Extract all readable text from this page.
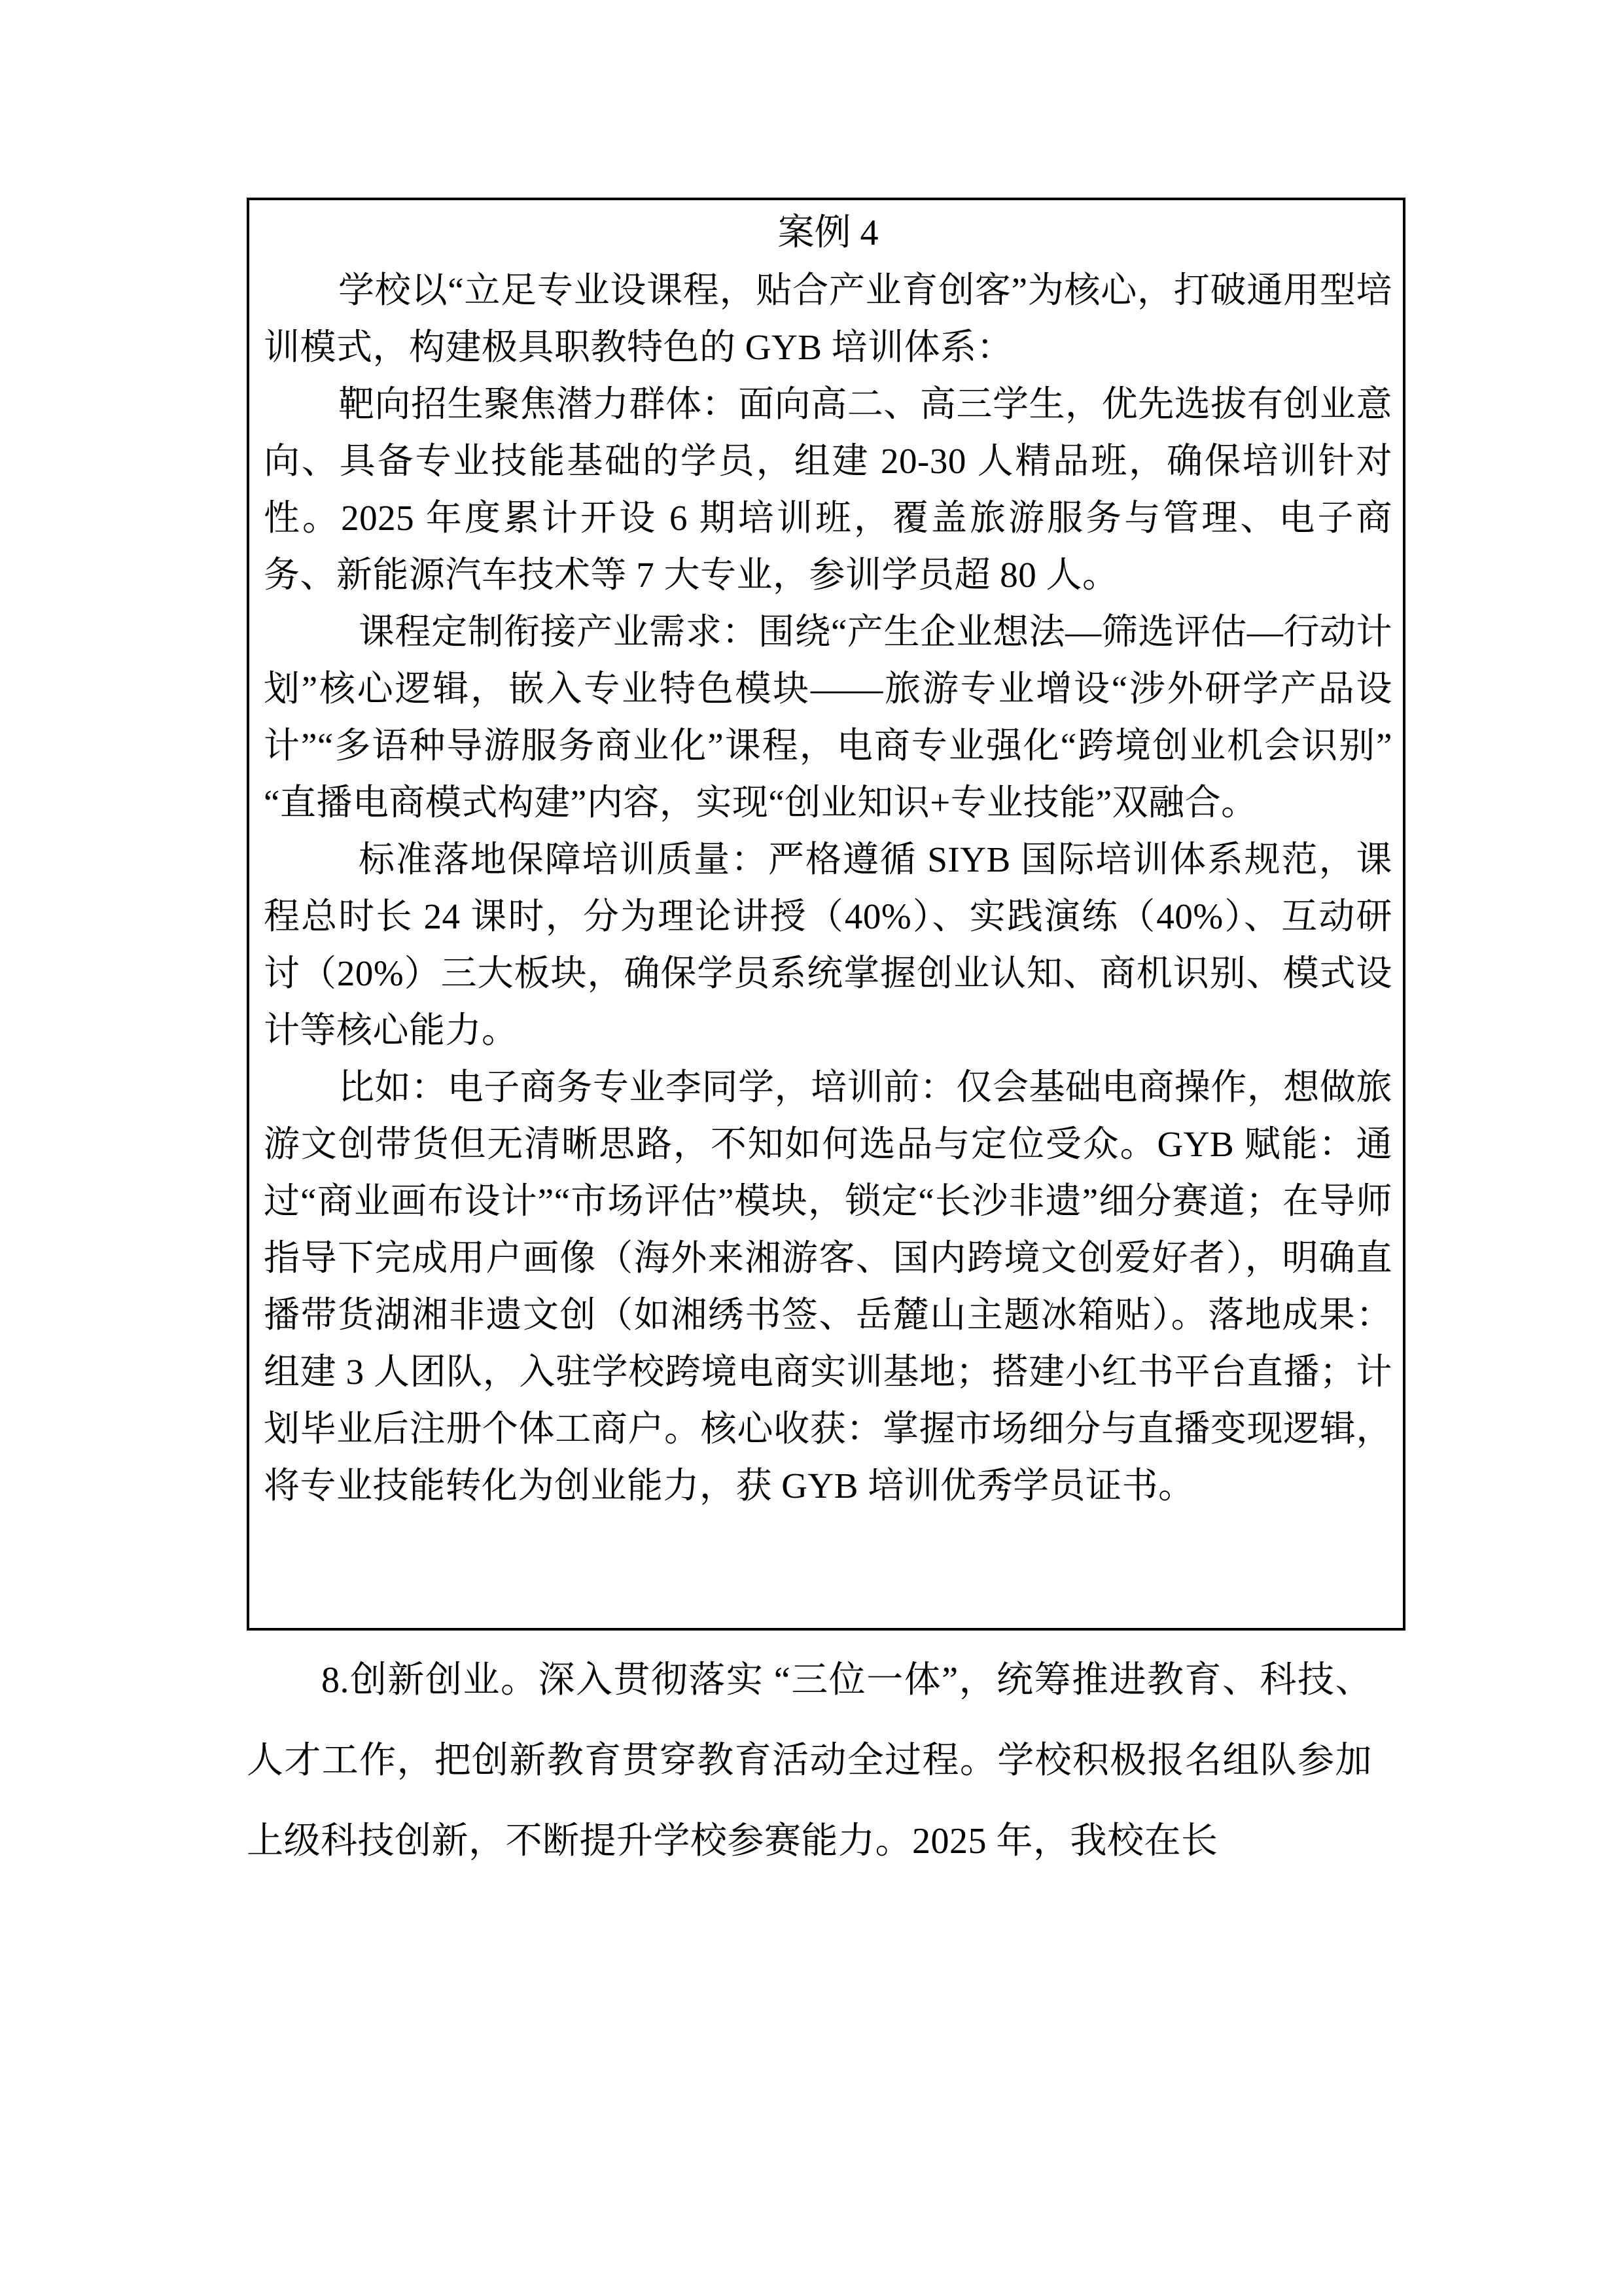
案例 4

学校以“立足专业设课程，贴合产业育创客”为核心，打破通用型培训模式，构建极具职教特色的 GYB 培训体系：

靶向招生聚焦潜力群体：面向高二、高三学生，优先选拔有创业意向、具备专业技能基础的学员，组建 20-30 人精品班，确保培训针对性。2025 年度累计开设 6 期培训班，覆盖旅游服务与管理、电子商务、新能源汽车技术等 7 大专业，参训学员超 80 人。

课程定制衔接产业需求：围绕“产生企业想法—筛选评估—行动计划”核心逻辑，嵌入专业特色模块——旅游专业增设“涉外研学产品设计”“多语种导游服务商业化”课程，电商专业强化“跨境创业机会识别”“直播电商模式构建”内容，实现“创业知识+专业技能”双融合。

标准落地保障培训质量：严格遵循 SIYB 国际培训体系规范，课程总时长 24 课时，分为理论讲授（40%）、实践演练（40%）、互动研讨（20%）三大板块，确保学员系统掌握创业认知、商机识别、模式设计等核心能力。

比如：电子商务专业李同学，培训前：仅会基础电商操作，想做旅游文创带货但无清晰思路，不知如何选品与定位受众。GYB 赋能：通过“商业画布设计”“市场评估”模块，锁定“长沙非遗”细分赛道；在导师指导下完成用户画像（海外来湘游客、国内跨境文创爱好者），明确直播带货湖湘非遗文创（如湘绣书签、岳麓山主题冰箱贴）。落地成果：组建 3 人团队，入驻学校跨境电商实训基地；搭建小红书平台直播；计划毕业后注册个体工商户。核心收获：掌握市场细分与直播变现逻辑，将专业技能转化为创业能力，获 GYB 培训优秀学员证书。

8.创新创业。深入贯彻落实 “三位一体”，统筹推进教育、科技、人才工作，把创新教育贯穿教育活动全过程。学校积极报名组队参加上级科技创新，不断提升学校参赛能力。2025 年，我校在长
